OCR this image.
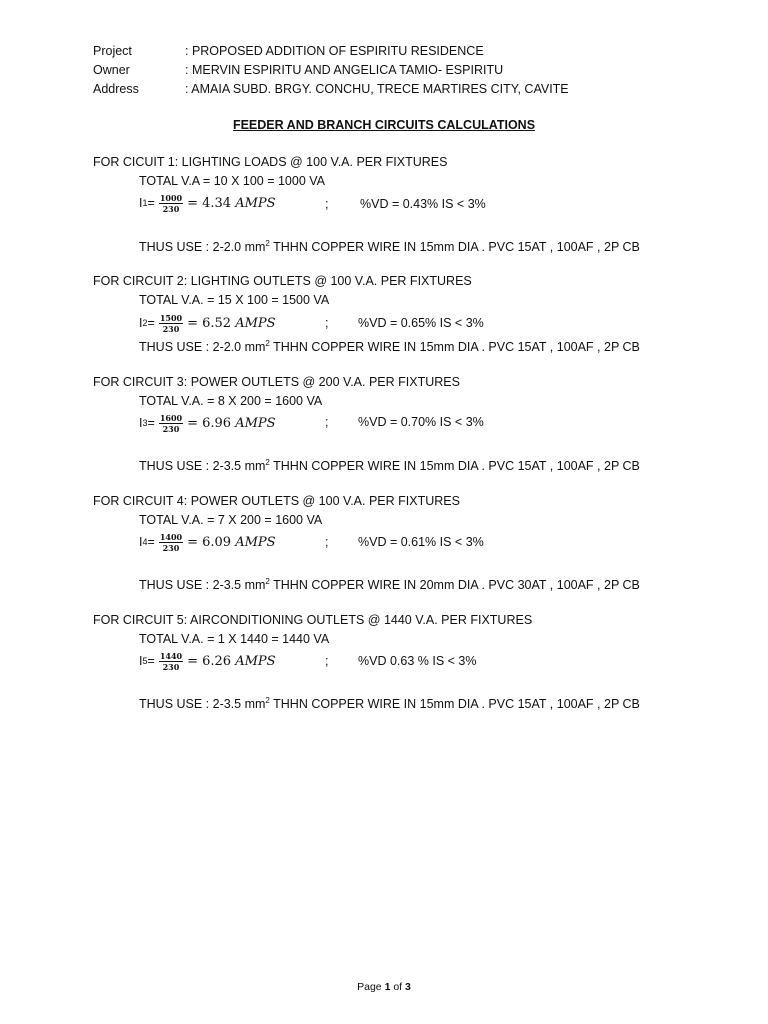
Project	: PROPOSED ADDITION OF ESPIRITU RESIDENCE
Owner	: MERVIN ESPIRITU AND ANGELICA TAMIO- ESPIRITU
Address	: AMAIA SUBD. BRGY. CONCHU, TRECE MARTIRES CITY, CAVITE
FEEDER AND BRANCH CIRCUITS CALCULATIONS
FOR CICUIT 1: LIGHTING LOADS @ 100 V.A. PER FIXTURES
TOTAL V.A = 10 X 100 = 1000 VA
I $1 = \frac{1000}{230} = 4.34$ AMPS	;	%VD = 0.43% IS < 3%
THUS USE : 2-2.0 $mm^2$ THHN COPPER WIRE IN 15mm DIA . PVC 15AT , 100AF , 2P CB
FOR CIRCUIT 2: LIGHTING OUTLETS @ 100 V.A. PER FIXTURES
TOTAL V.A. = 15 X 100 = 1500 VA
I $2 = \frac{1500}{230} = 6.52$ AMPS	; %VD = 0.65% IS < 3%
THUS USE : 2-2.0 $mm^2$ THHN COPPER WIRE IN 15mm DIA . PVC 15AT , 100AF , 2P CB
FOR CIRCUIT 3: POWER OUTLETS @ 200 V.A. PER FIXTURES
TOTAL V.A. = 8 X 200 = 1600 VA
I $3 = \frac{1600}{230} = 6.96$ AMPS	; %VD = 0.70% IS < 3%
THUS USE : 2-3.5 $mm^2$ THHN COPPER WIRE IN 15mm DIA . PVC 15AT , 100AF , 2P CB
FOR CIRCUIT 4: POWER OUTLETS @ 100 V.A. PER FIXTURES
TOTAL V.A. = 7 X 200 = 1600 VA
I $4 = \frac{1400}{230} = 6.09$ AMPS	; %VD = 0.61% IS < 3%
THUS USE : 2-3.5 $mm^2$ THHN COPPER WIRE IN 20mm DIA . PVC 30AT , 100AF , 2P CB
FOR CIRCUIT 5: AIRCONDITIONING OUTLETS @ 1440 V.A. PER FIXTURES
TOTAL V.A. = 1 X 1440 = 1440 VA
I $5 = \frac{1440}{230} = 6.26$ AMPS	; %VD 0.63 % IS < 3%
THUS USE : 2-3.5 $mm^2$ THHN COPPER WIRE IN 15mm DIA . PVC 15AT , 100AF , 2P CB
Page 1 of 3
